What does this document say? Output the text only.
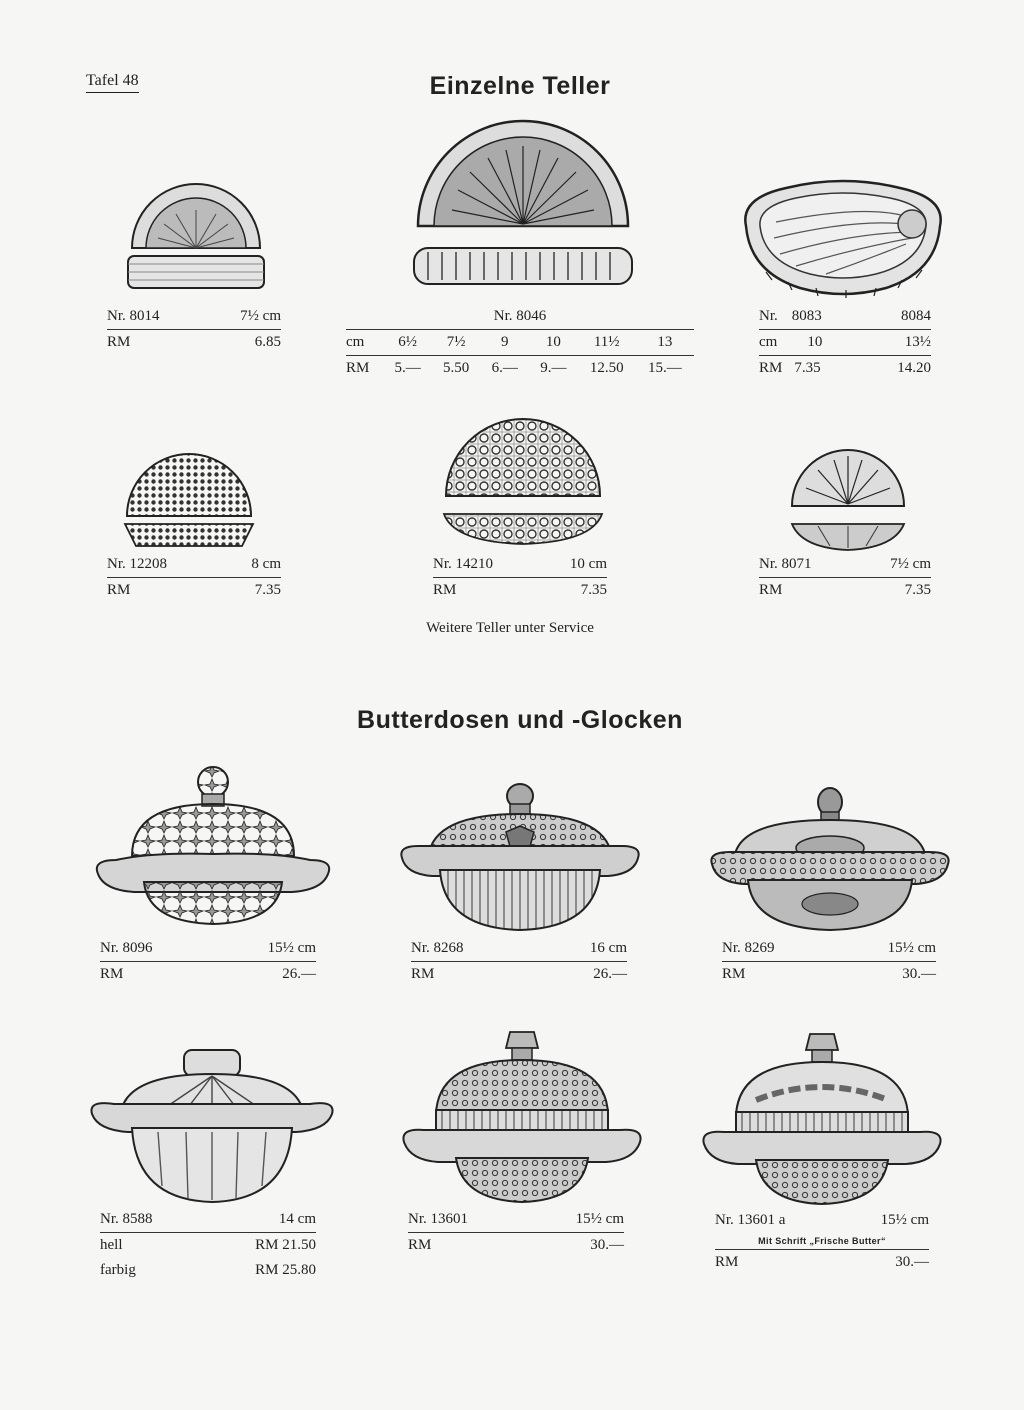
Tafel 48	Einzelne Teller
Nr. 8014	7½ cm
RM	6.85
Nr. 8046
cm	6½	7½	9	10	11½	13
RM	5.—	5.50	6.—	9.—	12.50	15.—
Nr. 8083	8084
cm 10	13½
RM 7.35	14.20
Nr. 12208	8 cm
RM	7.35
Nr. 14210	10 cm
RM	7.35
Nr. 8071	7½ cm
RM	7.35
Weitere Teller unter Service
Butterdosen und -Glocken
Nr. 8096	15½ cm
RM	26.—
Nr. 8268	16 cm
RM	26.—
Nr. 8269	15½ cm
RM	30.—
Nr. 8588	14 cm
hell	RM 21.50
farbig	RM 25.80
Nr. 13601	15½ cm
RM	30.—
Nr. 13601 a	15½ cm
Mit Schrift „Frische Butter“
RM	30.—
